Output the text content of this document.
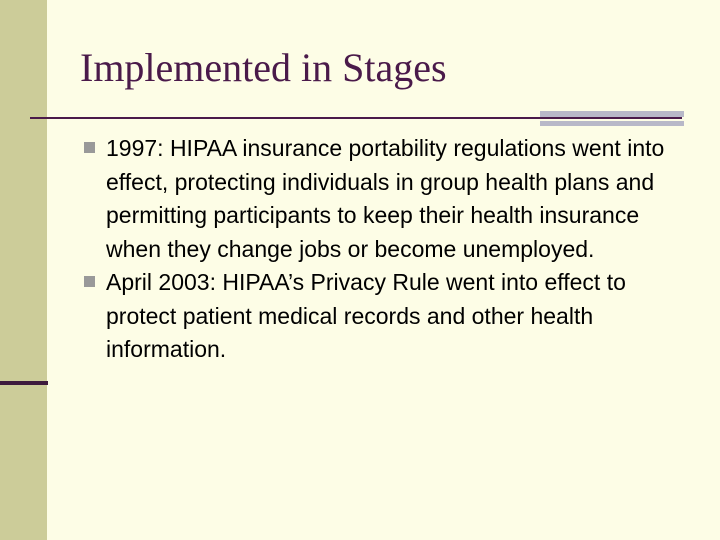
Implemented in Stages
1997: HIPAA insurance portability regulations went into effect, protecting individuals in group health plans and permitting participants to keep their health insurance when they change jobs or become unemployed.
April 2003: HIPAA’s Privacy Rule went into effect to protect patient medical records and other health information.
